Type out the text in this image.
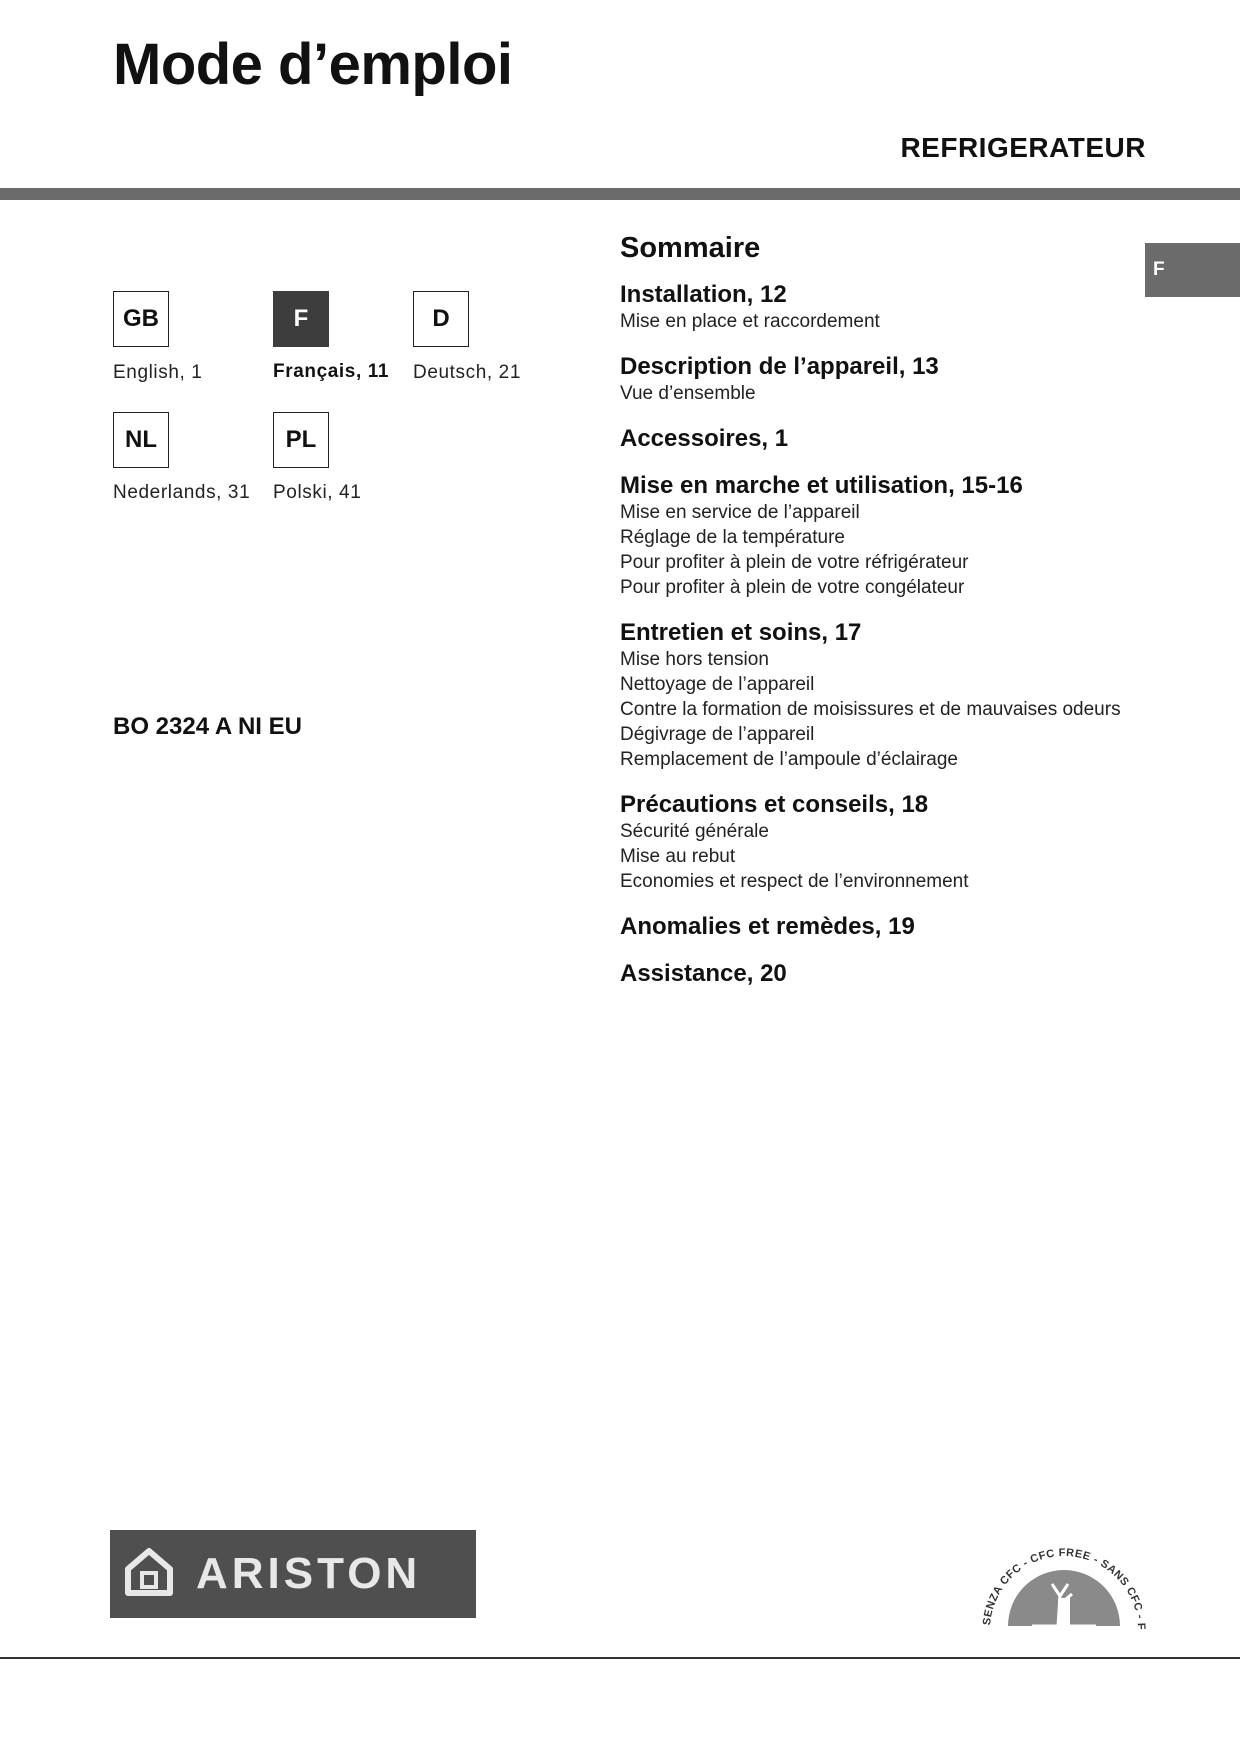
Mode d’emploi
REFRIGERATEUR
F
GB
English, 1
F
Français, 11
D
Deutsch, 21
NL
Nederlands, 31
PL
Polski, 41
BO 2324 A NI EU
Sommaire
Installation, 12
Mise en place et raccordement
Description de l’appareil, 13
Vue d’ensemble
Accessoires, 1
Mise en marche et utilisation, 15-16
Mise en service de l’appareil
Réglage de la température
Pour profiter à plein de votre réfrigérateur
Pour profiter à plein de votre congélateur
Entretien et soins, 17
Mise hors tension
Nettoyage de l’appareil
Contre la formation de moisissures et de mauvaises odeurs
Dégivrage de l’appareil
Remplacement de l’ampoule d’éclairage
Précautions et conseils, 18
Sécurité générale
Mise au rebut
Economies et respect de l’environnement
Anomalies et remèdes, 19
Assistance, 20
ARISTON
SENZA CFC - CFC FREE - SANS CFC - F
